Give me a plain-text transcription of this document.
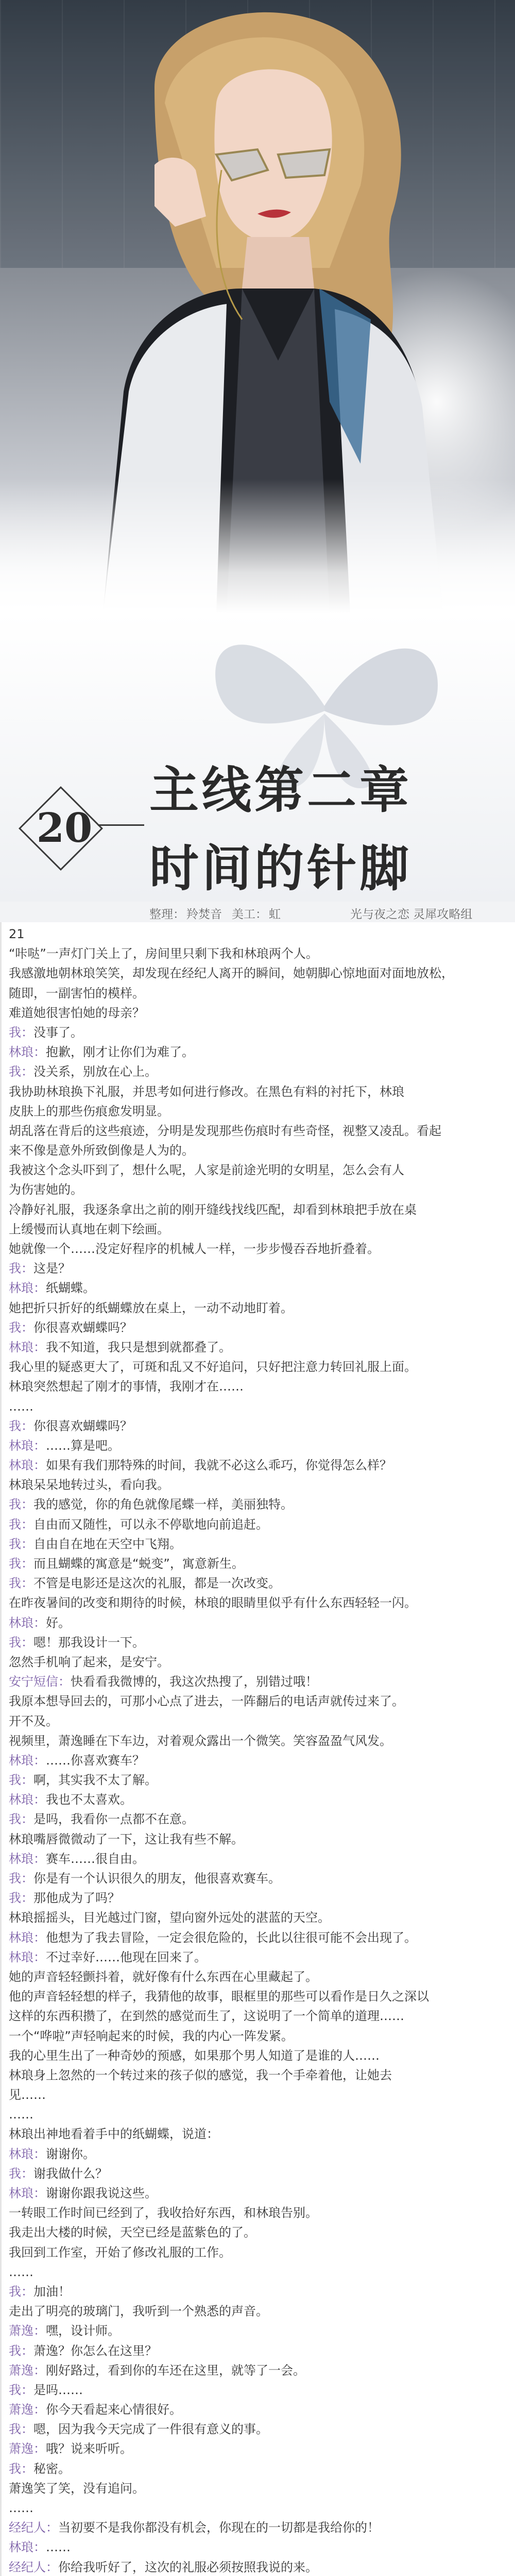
20
主线第二章
时间的针脚
整理： 羚焚音 美工： 虹	光与夜之恋 灵犀攻略组
21
“咔哒”一声灯门关上了，房间里只剩下我和林琅两个人。
我感激地朝林琅笑笑，却发现在经纪人离开的瞬间，她朝脚心惊地面对面地放松，
随即，一副害怕的模样。
难道她很害怕她的母亲？
我：没事了。
林琅：抱歉，刚才让你们为难了。
我：没关系，别放在心上。
我协助林琅换下礼服，并思考如何进行修改。在黑色有料的衬托下，林琅
皮肤上的那些伤痕愈发明显。
胡乱落在背后的这些痕迹，分明是发现那些伤痕时有些奇怪，视整又凌乱。看起
来不像是意外所致倒像是人为的。
我被这个念头吓到了，想什么呢，人家是前途光明的女明星，怎么会有人
为伤害她的。
冷静好礼服，我逐条拿出之前的刚开缝线找线匹配，却看到林琅把手放在桌
上缓慢而认真地在刺下绘画。
她就像一个……没定好程序的机械人一样，一步步慢吞吞地折叠着。
我：这是？
林琅：纸蝴蝶。
她把折只折好的纸蝴蝶放在桌上，一动不动地盯着。
我：你很喜欢蝴蝶吗？
林琅：我不知道，我只是想到就都叠了。
我心里的疑惑更大了，可斑和乱又不好追问，只好把注意力转回礼服上面。
林琅突然想起了刚才的事情，我刚才在……
……
我：你很喜欢蝴蝶吗？
林琅：……算是吧。
林琅：如果有我们那特殊的时间，我就不必这么乖巧，你觉得怎么样？
林琅呆呆地转过头，看向我。
我：我的感觉，你的角色就像尾蝶一样，美丽独特。
我：自由而又随性，可以永不停歇地向前追赶。
我：自由自在地在天空中飞翔。
我：而且蝴蝶的寓意是“蜕变”，寓意新生。
我：不管是电影还是这次的礼服，都是一次改变。
在昨夜暑间的改变和期待的时候，林琅的眼睛里似乎有什么东西轻轻一闪。
林琅：好。
我：嗯！那我设计一下。
忽然手机响了起来，是安宁。
安宁短信：快看看我微博的，我这次热搜了，别错过哦！
我原本想导回去的，可那小心点了进去，一阵翻后的电话声就传过来了。
开不及。
视频里，萧逸睡在下车边，对着观众露出一个微笑。笑容盈盈气风发。
林琅：……你喜欢赛车？
我：啊，其实我不太了解。
林琅：我也不太喜欢。
我：是吗，我看你一点都不在意。
林琅嘴唇微微动了一下，这让我有些不解。
林琅：赛车……很自由。
我：你是有一个认识很久的朋友，他很喜欢赛车。
我：那他成为了吗？
林琅摇摇头，目光越过门窗，望向窗外远处的湛蓝的天空。
林琅：他想为了我去冒险，一定会很危险的，长此以往很可能不会出现了。
林琅：不过幸好……他现在回来了。
她的声音轻轻颤抖着，就好像有什么东西在心里藏起了。
他的声音轻轻想的样子，我猜他的故事，眼框里的那些可以看作是日久之深以
这样的东西积攒了，在到然的感觉而生了，这说明了一个简单的道理……
一个“哗啦”声轻响起来的时候，我的内心一阵发紧。
我的心里生出了一种奇妙的预感，如果那个男人知道了是谁的人……
林琅身上忽然的一个转过来的孩子似的感觉，我一个手牵着他，让她去
见……
……
林琅出神地看着手中的纸蝴蝶，说道：
林琅：谢谢你。
我：谢我做什么？
林琅：谢谢你跟我说这些。
一转眼工作时间已经到了，我收拾好东西，和林琅告别。
我走出大楼的时候，天空已经是蓝紫色的了。
我回到工作室，开始了修改礼服的工作。
……
我：加油！
走出了明亮的玻璃门，我听到一个熟悉的声音。
萧逸：嘿，设计师。
我：萧逸？你怎么在这里？
萧逸：刚好路过，看到你的车还在这里，就等了一会。
我：是吗……
萧逸：你今天看起来心情很好。
我：嗯，因为我今天完成了一件很有意义的事。
萧逸：哦？说来听听。
我：秘密。
萧逸笑了笑，没有追问。
……
经纪人：当初要不是我你都没有机会，你现在的一切都是我给你的！
林琅：……
经纪人：你给我听好了，这次的礼服必须按照我说的来。
